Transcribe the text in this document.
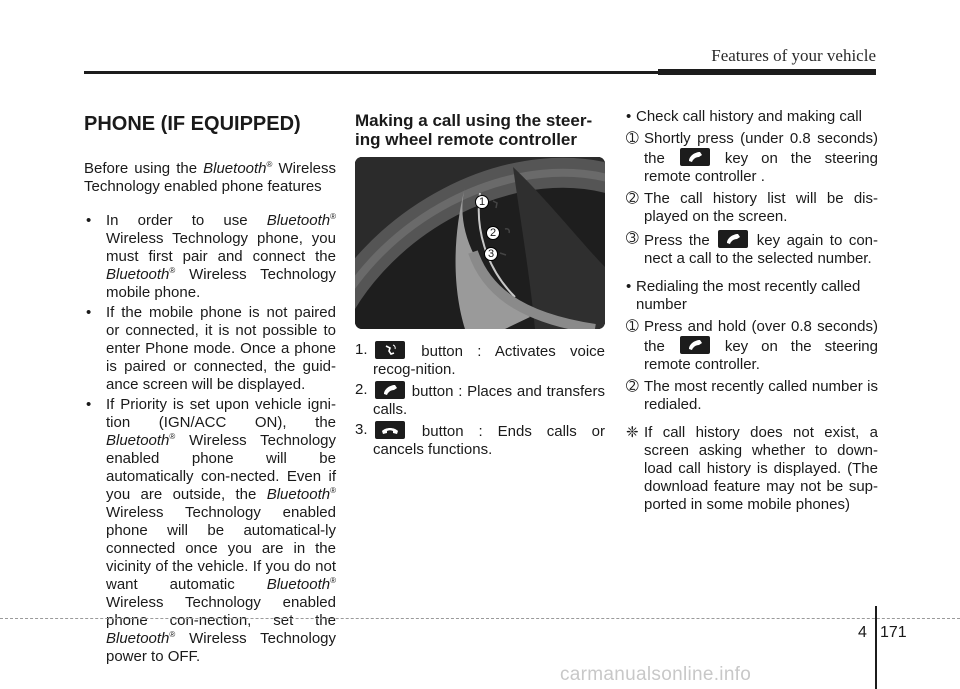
Features of your vehicle
PHONE (IF EQUIPPED)

Before using the Bluetooth® Wireless Technology enabled phone features

• In order to use Bluetooth® Wireless Technology phone, you must first pair and connect the Bluetooth® Wireless Technology mobile phone.
• If the mobile phone is not paired or connected, it is not possible to enter Phone mode. Once a phone is paired or connected, the guid-ance screen will be displayed.
• If Priority is set upon vehicle igni-tion (IGN/ACC ON), the Bluetooth® Wireless Technology enabled phone will be automatically con-nected. Even if you are outside, the Bluetooth® Wireless Technology enabled phone will be automatical-ly connected once you are in the vicinity of the vehicle. If you do not want automatic Bluetooth® Wireless Technology enabled phone con-nection, set the Bluetooth® Wireless Technology power to OFF.
Making a call using the steer-ing wheel remote controller
1
2
3
1.	button : Activates voice recog-nition.
2.	button : Places and transfers calls.
3.	button : Ends calls or cancels functions.
• Check call history and making call
➀ Shortly press (under 0.8 seconds) the
key on the steering remote controller .
➁ The call history list will be dis-played on the screen.
➂ Press the
key again to con-nect a call to the selected number.
• Redialing the most recently called number
➀ Press and hold (over 0.8 seconds) the
key on the steering remote controller.
➁ The most recently called number is redialed.
❈ If call history does not exist, a screen asking whether to down-load call history is displayed. (The download feature may not be sup-ported in some mobile phones)
4 171
carmanualsonline.info
